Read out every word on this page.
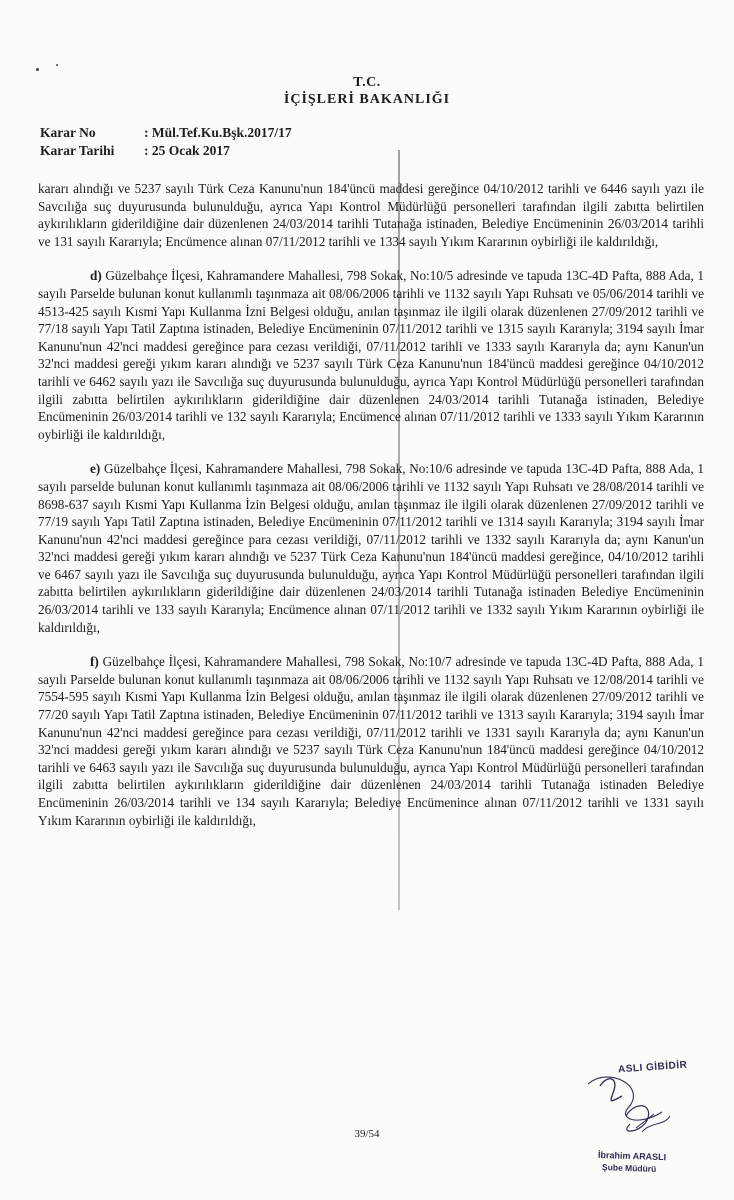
T.C.
İÇİŞLERİ BAKANLIĞI
Karar No	: Mül.Tef.Ku.Bşk.2017/17
Karar Tarihi	: 25 Ocak 2017

kararı alındığı ve 5237 sayılı Türk Ceza Kanunu'nun 184'üncü maddesi gereğince 04/10/2012 tarihli ve 6446 sayılı yazı ile Savcılığa suç duyurusunda bulunulduğu, ayrıca Yapı Kontrol Müdürlüğü personelleri tarafından ilgili zabıtta belirtilen aykırılıkların giderildiğine dair düzenlenen 24/03/2014 tarihli Tutanağa istinaden, Belediye Encümeninin 26/03/2014 tarihli ve 131 sayılı Kararıyla; Encümence alınan 07/11/2012 tarihli ve 1334 sayılı Yıkım Kararının oybirliği ile kaldırıldığı,

d) Güzelbahçe İlçesi, Kahramandere Mahallesi, 798 Sokak, No:10/5 adresinde ve tapuda 13C-4D Pafta, 888 Ada, 1 sayılı Parselde bulunan konut kullanımlı taşınmaza ait 08/06/2006 tarihli ve 1132 sayılı Yapı Ruhsatı ve 05/06/2014 tarihli ve 4513-425 sayılı Kısmi Yapı Kullanma İzni Belgesi olduğu, anılan taşınmaz ile ilgili olarak düzenlenen 27/09/2012 tarihli ve 77/18 sayılı Yapı Tatil Zaptına istinaden, Belediye Encümeninin 07/11/2012 tarihli ve 1315 sayılı Kararıyla; 3194 sayılı İmar Kanunu'nun 42'nci maddesi gereğince para cezası verildiği, 07/11/2012 tarihli ve 1333 sayılı Kararıyla da; aynı Kanun'un 32'nci maddesi gereği yıkım kararı alındığı ve 5237 sayılı Türk Ceza Kanunu'nun 184'üncü maddesi gereğince 04/10/2012 tarihli ve 6462 sayılı yazı ile Savcılığa suç duyurusunda bulunulduğu, ayrıca Yapı Kontrol Müdürlüğü personelleri tarafından ilgili zabıtta belirtilen aykırılıkların giderildiğine dair düzenlenen 24/03/2014 tarihli Tutanağa istinaden, Belediye Encümeninin 26/03/2014 tarihli ve 132 sayılı Kararıyla; Encümence alınan 07/11/2012 tarihli ve 1333 sayılı Yıkım Kararının oybirliği ile kaldırıldığı,

e) Güzelbahçe İlçesi, Kahramandere Mahallesi, 798 Sokak, No:10/6 adresinde ve tapuda 13C-4D Pafta, 888 Ada, 1 sayılı parselde bulunan konut kullanımlı taşınmaza ait 08/06/2006 tarihli ve 1132 sayılı Yapı Ruhsatı ve 28/08/2014 tarihli ve 8698-637 sayılı Kısmi Yapı Kullanma İzin Belgesi olduğu, anılan taşınmaz ile ilgili olarak düzenlenen 27/09/2012 tarihli ve 77/19 sayılı Yapı Tatil Zaptına istinaden, Belediye Encümeninin 07/11/2012 tarihli ve 1314 sayılı Kararıyla; 3194 sayılı İmar Kanunu'nun 42'nci maddesi gereğince para cezası verildiği, 07/11/2012 tarihli ve 1332 sayılı Kararıyla da; aynı Kanun'un 32'nci maddesi gereği yıkım kararı alındığı ve 5237 Türk Ceza Kanunu'nun 184'üncü maddesi gereğince, 04/10/2012 tarihli ve 6467 sayılı yazı ile Savcılığa suç duyurusunda bulunulduğu, ayrıca Yapı Kontrol Müdürlüğü personelleri tarafından ilgili zabıtta belirtilen aykırılıkların giderildiğine dair düzenlenen 24/03/2014 tarihli Tutanağa istinaden Belediye Encümeninin 26/03/2014 tarihli ve 133 sayılı Kararıyla; Encümence alınan 07/11/2012 tarihli ve 1332 sayılı Yıkım Kararının oybirliği ile kaldırıldığı,

f) Güzelbahçe İlçesi, Kahramandere Mahallesi, 798 Sokak, No:10/7 adresinde ve tapuda 13C-4D Pafta, 888 Ada, 1 sayılı Parselde bulunan konut kullanımlı taşınmaza ait 08/06/2006 tarihli ve 1132 sayılı Yapı Ruhsatı ve 12/08/2014 tarihli ve 7554-595 sayılı Kısmi Yapı Kullanma İzin Belgesi olduğu, anılan taşınmaz ile ilgili olarak düzenlenen 27/09/2012 tarihli ve 77/20 sayılı Yapı Tatil Zaptına istinaden, Belediye Encümeninin 07/11/2012 tarihli ve 1313 sayılı Kararıyla; 3194 sayılı İmar Kanunu'nun 42'nci maddesi gereğince para cezası verildiği, 07/11/2012 tarihli ve 1331 sayılı Kararıyla da; aynı Kanun'un 32'nci maddesi gereği yıkım kararı alındığı ve 5237 sayılı Türk Ceza Kanunu'nun 184'üncü maddesi gereğince 04/10/2012 tarihli ve 6463 sayılı yazı ile Savcılığa suç duyurusunda bulunulduğu, ayrıca Yapı Kontrol Müdürlüğü personelleri tarafından ilgili zabıtta belirtilen aykırılıkların giderildiğine dair düzenlenen 24/03/2014 tarihli Tutanağa istinaden Belediye Encümeninin 26/03/2014 tarihli ve 134 sayılı Kararıyla; Belediye Encümenince alınan 07/11/2012 tarihli ve 1331 sayılı Yıkım Kararının oybirliği ile kaldırıldığı,

39/54
ASLI GİBİDİR
İbrahim ARASLI
Şube Müdürü
